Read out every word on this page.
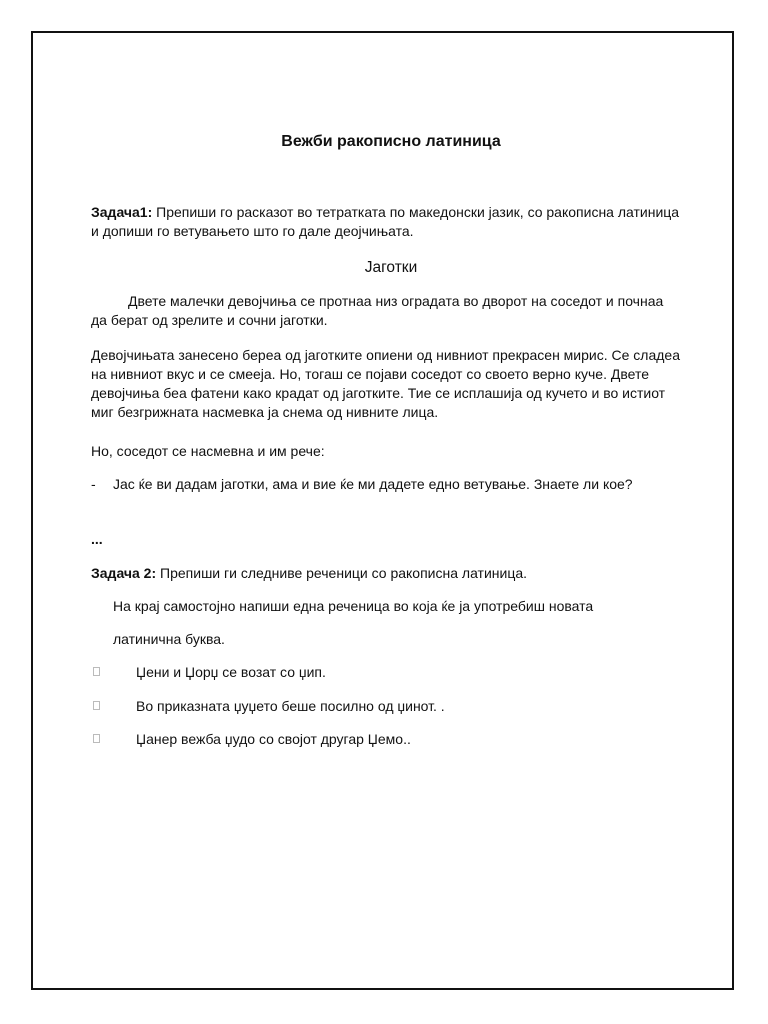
Вежби ракописно латиница
Задача1: Препиши го расказот во тетратката по македонски јазик, со ракописна латиница и допиши го ветувањето што го дале деојчињата.
Јаготки
Двете малечки девојчиња се протнаа низ оградата во дворот на соседот и почнаа да берат од зрелите и сочни јаготки.
Девојчињата занесено береа од јаготките опиени од нивниот прекрасен мирис. Се сладеа на нивниот вкус и се смееја. Но, тогаш се појави соседот со своето верно куче. Двете девојчиња беа фатени како крадат од јаготките. Тие се исплашија од кучето и во истиот миг безгрижната насмевка ја снема од нивните лица.
Но, соседот се насмевна и им рече:
- Јас ќе ви дадам јаготки, ама и вие ќе ми дадете едно ветување. Знаете ли кое?
...
Задача 2: Препиши ги следниве реченици со ракописна латиница.
На крај самостојно напиши една реченица во која ќе ја употребиш новата
латинична буква.
Џени и Џорџ се возат со џип.
Во приказната џуџето беше посилно од џинот. .
Џанер вежба џудо со својот другар Џемо..
